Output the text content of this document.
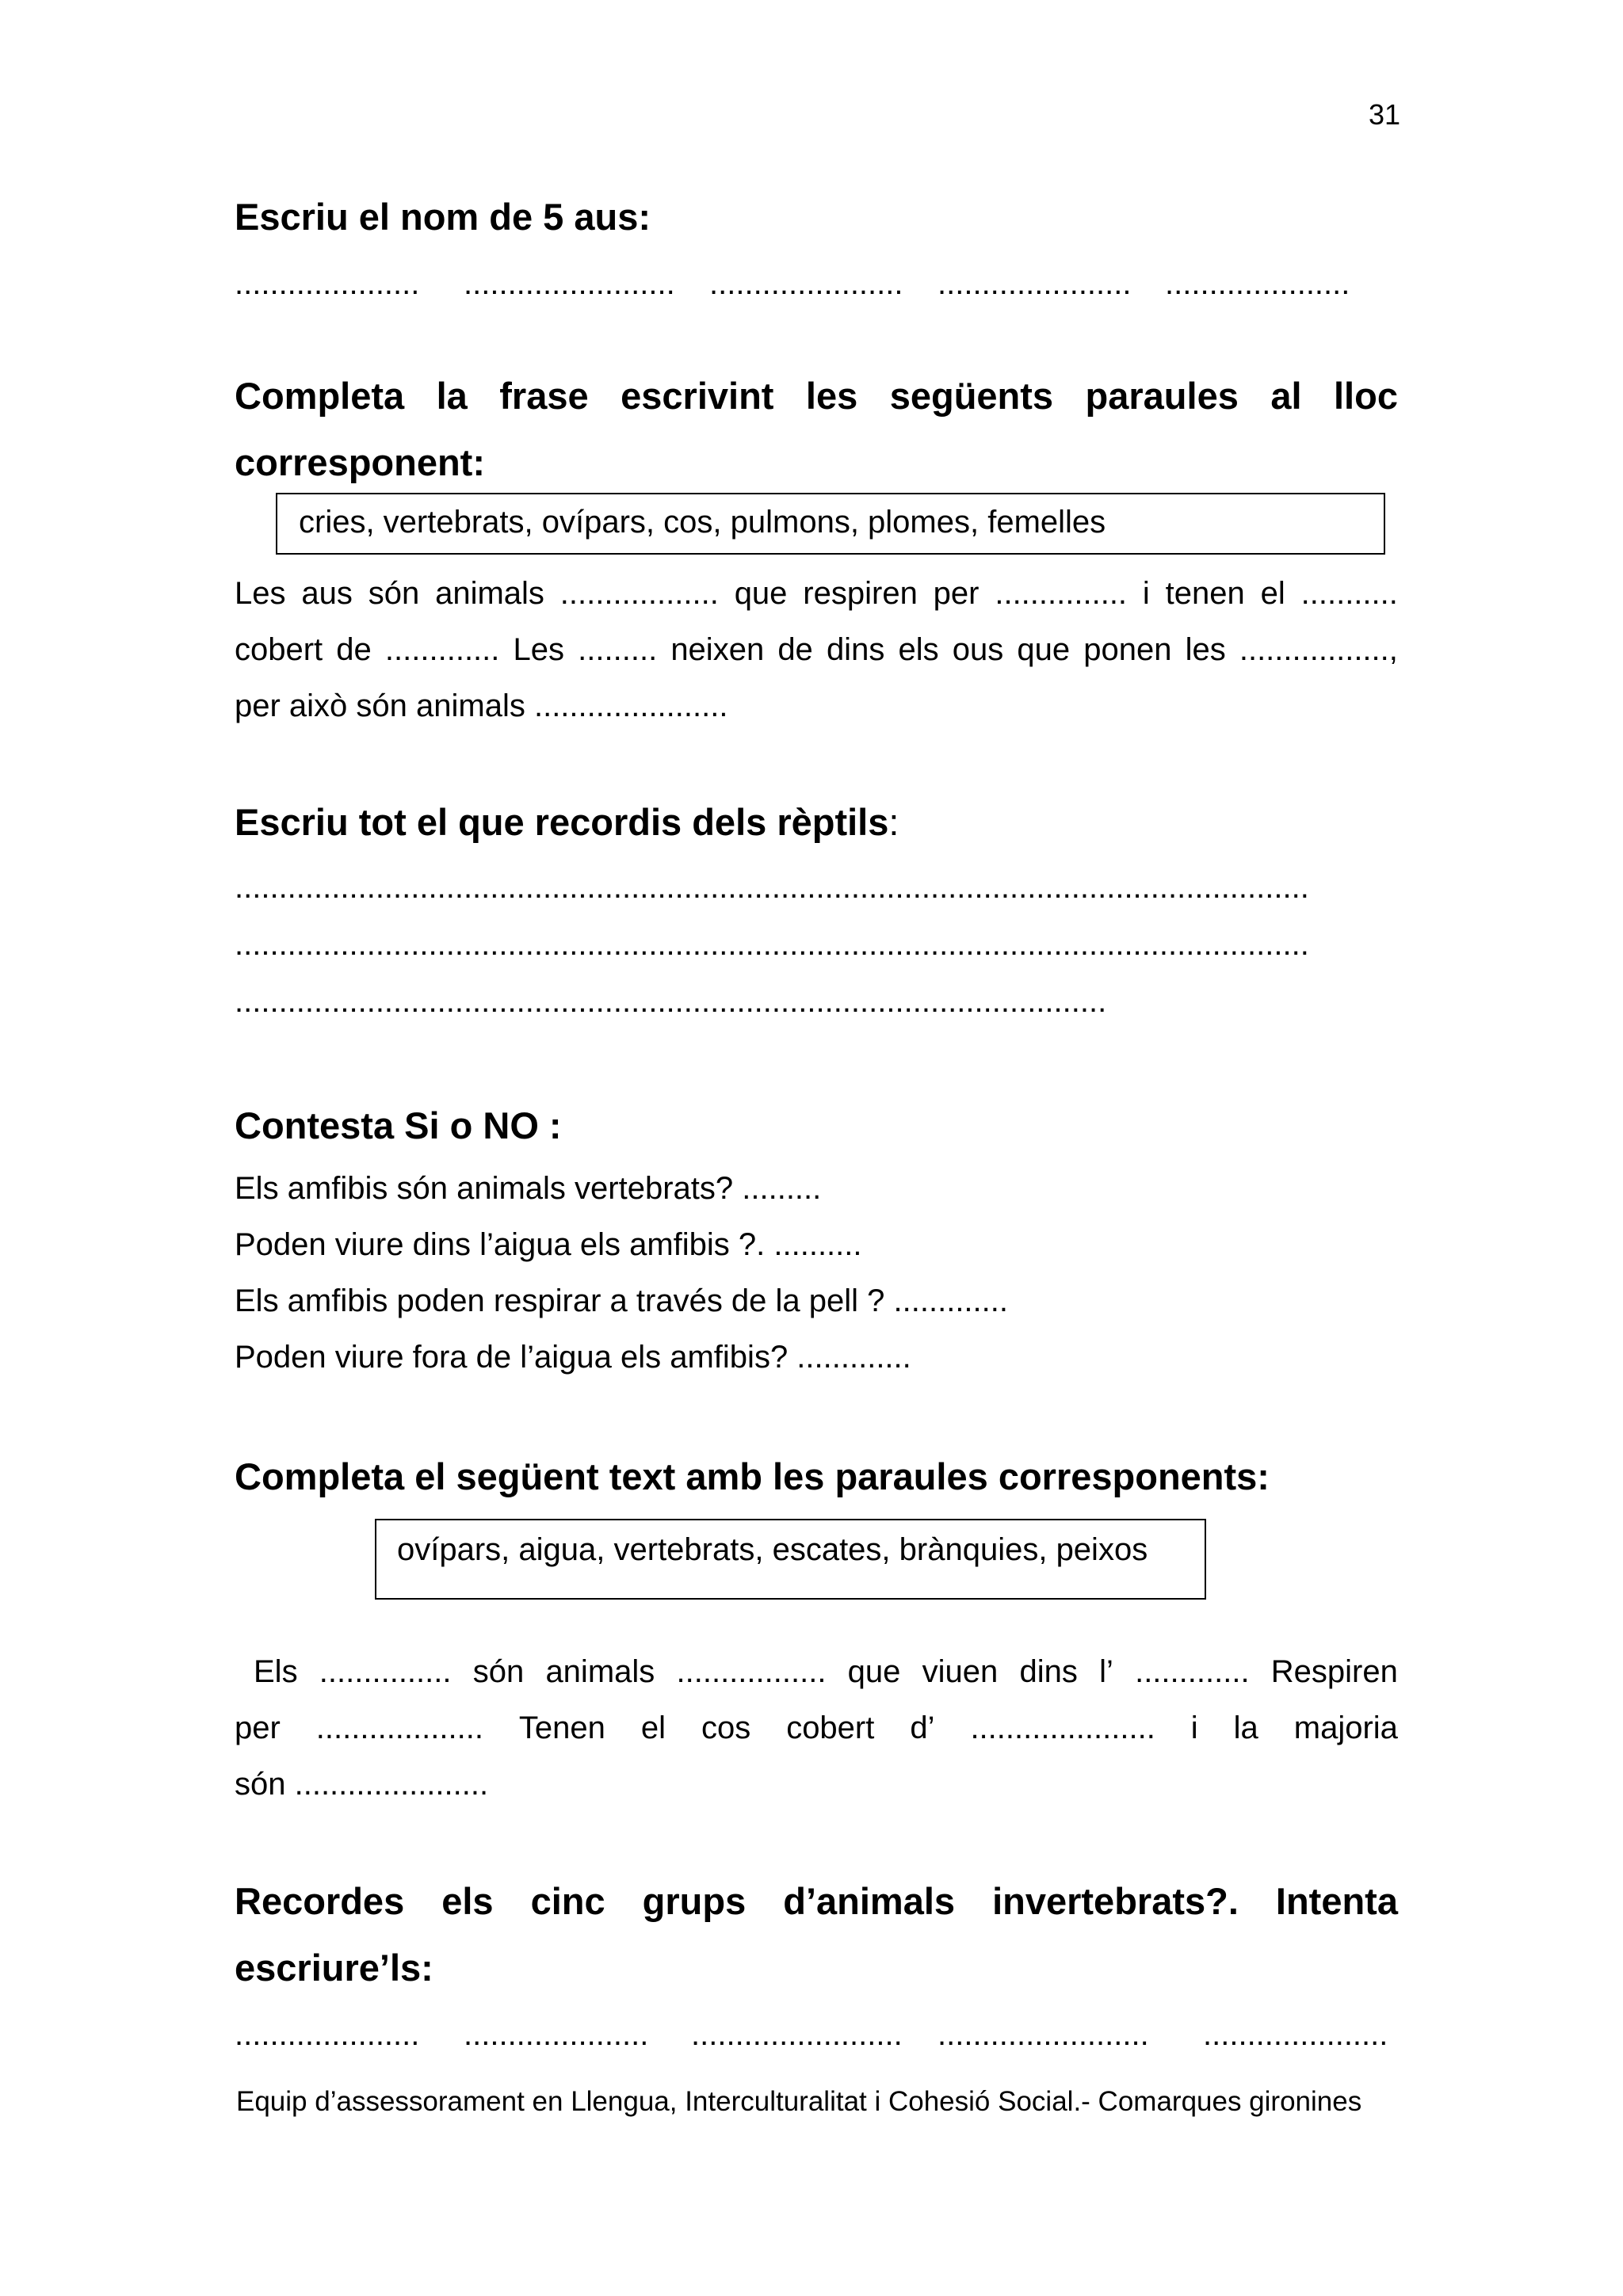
31
Escriu el nom de 5 aus:
..................... ........................ ...................... ...................... .....................
Completa la frase escrivint les següents paraules al lloc
corresponent:
cries, vertebrats, ovípars, cos, pulmons, plomes, femelles
Les aus són animals .................. que respiren per ............... i tenen el ...........
cobert de ............. Les ......... neixen de dins els ous que ponen les .................,
per això són animals ......................
Escriu tot el que recordis dels rèptils:
..........................................................................................................................
..........................................................................................................................
...................................................................................................
Contesta Si o NO :
Els amfibis són animals vertebrats? .........
Poden viure dins l’aigua els amfibis ?. ..........
Els amfibis poden respirar a través de la pell ? .............
Poden viure fora de l’aigua els amfibis? .............
Completa el següent text amb les paraules corresponents:
ovípars, aigua, vertebrats, escates, brànquies, peixos
Els ............... són animals ................. que viuen dins l’ ............. Respiren
per ................... Tenen el cos cobert d’ ..................... i la majoria
són ......................
Recordes els cinc grups d’animals invertebrats?. Intenta
escriure’ls:
..................... ..................... ........................ ........................ .....................
Equip d’assessorament en Llengua, Interculturalitat i Cohesió Social.- Comarques gironines
